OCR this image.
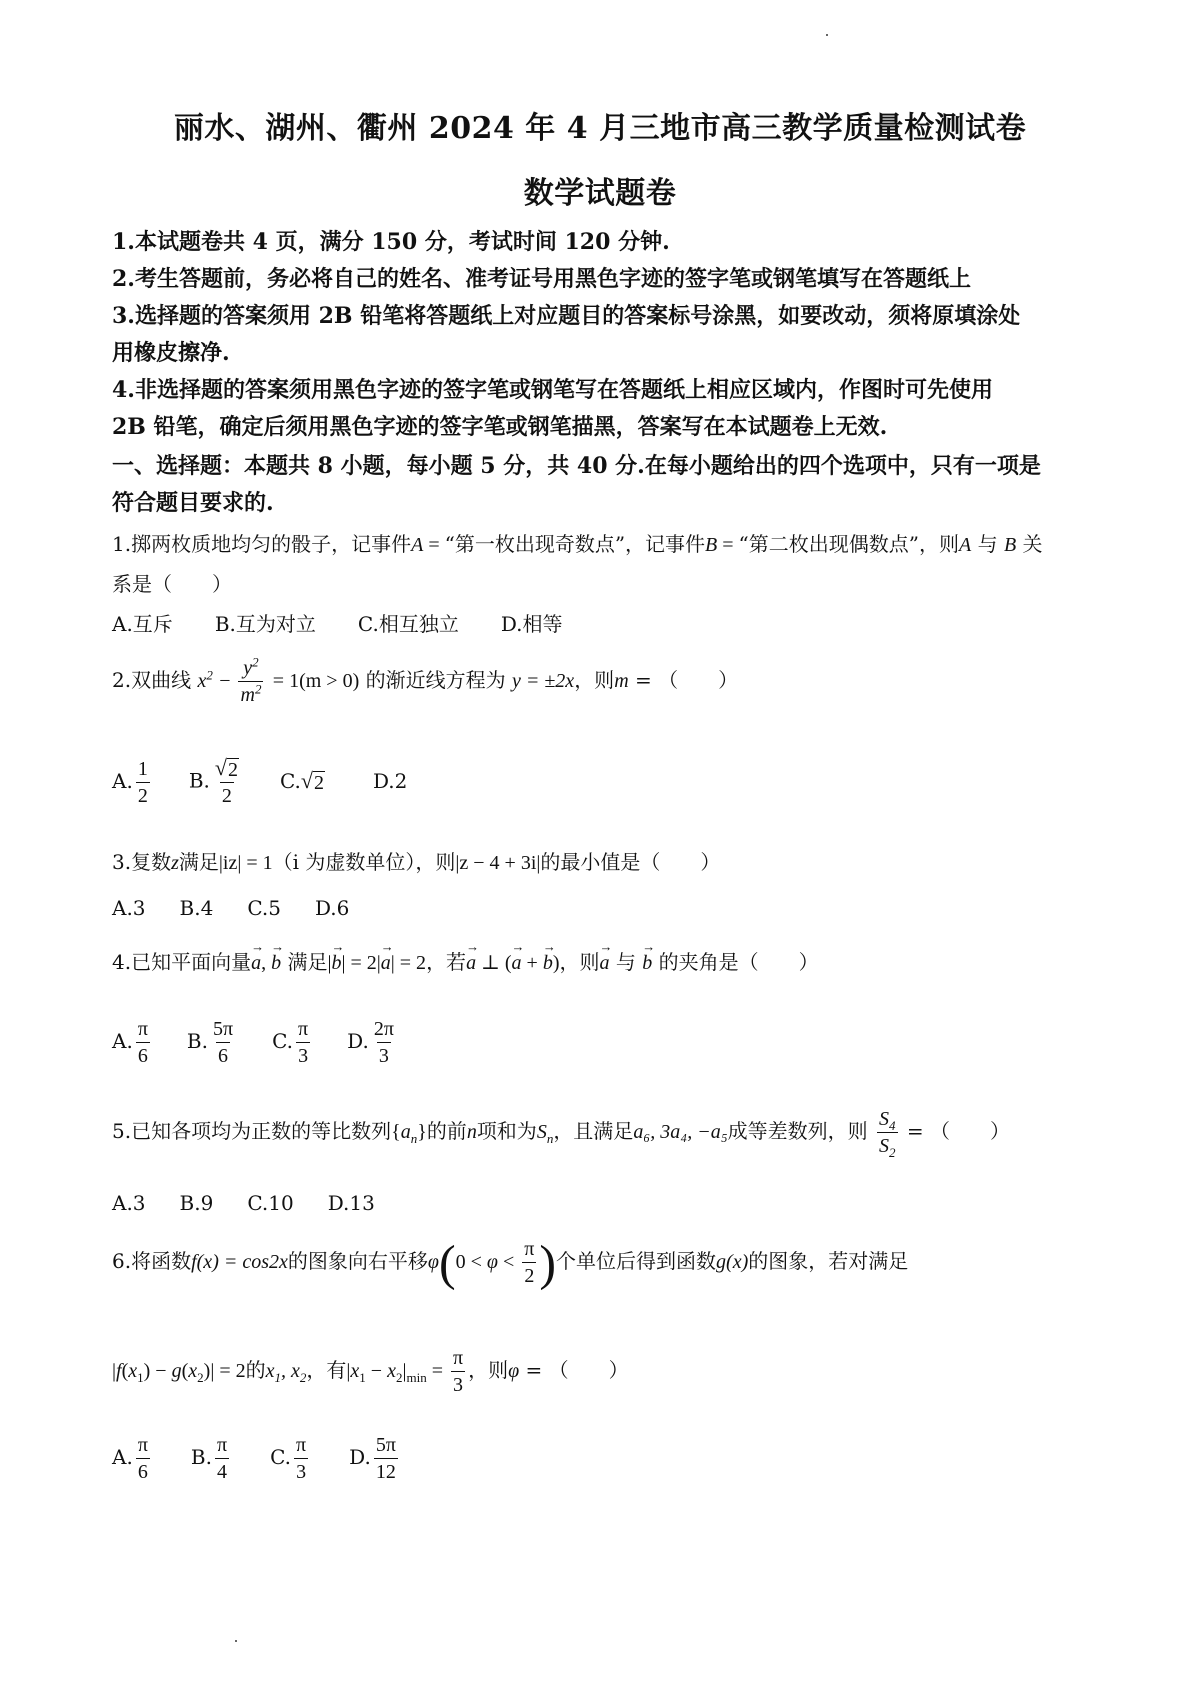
丽水、湖州、衢州 2024 年 4 月三地市高三教学质量检测试卷
数学试题卷
1.本试题卷共 4 页，满分 150 分，考试时间 120 分钟.
2.考生答题前，务必将自己的姓名、准考证号用黑色字迹的签字笔或钢笔填写在答题纸上
3.选择题的答案须用 2B 铅笔将答题纸上对应题目的答案标号涂黑，如要改动，须将原填涂处
用橡皮擦净.
4.非选择题的答案须用黑色字迹的签字笔或钢笔写在答题纸上相应区域内，作图时可先使用
2B 铅笔，确定后须用黑色字迹的签字笔或钢笔描黑，答案写在本试题卷上无效.
一、选择题：本题共 8 小题，每小题 5 分，共 40 分.在每小题给出的四个选项中，只有一项是
符合题目要求的.
1.掷两枚质地均匀的骰子，记事件A = “第一枚出现奇数点”，记事件B = “第二枚出现偶数点”，则A 与 B 关
系是（　　）
A.互斥 B.互为对立 C.相互独立 D.相等
2.双曲线 $x^2 - \frac{y^2}{m^2} = 1(m > 0)$ 的渐近线方程为 y = ±2x，则m = （　　）
A. $\frac{1}{2} B$. $\frac{√ 2}{2} C$. √ 2 D.2
3.复数z满足|iz| = 1（i 为虚数单位），则|z − 4 + 3i|的最小值是（　　）
A.3 B.4 C.5 D.6
4.已知平面向量→ a, → b 满足|→ b| = 2|→ a| = 2，若→ a ⊥ (→ a + → b)，则→ a 与 → b 的夹角是（　　）
A. $\frac{\pi}{6} B$. $\frac{5\pi}{6} C$. $\frac{\pi}{3} D$. $\frac{2\pi}{3}$
5.已知各项均为正数的等比数列$\{a_n\}$的前n项和为$S_n$，且满足a₆, 3a₄, −a₅成等差数列，则 $\frac{S_4}{S_2}$ = （　　）
A.3 B.9 C.10 D.13
6.将函数f(x) = cos2x的图象向右平移$\varphi(0 < \varphi < \frac{\pi}{2}$ )个单位后得到函数g(x)的图象，若对满足
$|f(x_1) - g(x_2)| = 2$的$x_1$, $x_2$，有$|x_1 - x_2|_{min} = \frac{\pi}{3}$ ，则φ = （　　）
A. $\frac{\pi}{6} B$. $\frac{\pi}{4} C$. $\frac{\pi}{3} D$. $\frac{5\pi}{12}$
